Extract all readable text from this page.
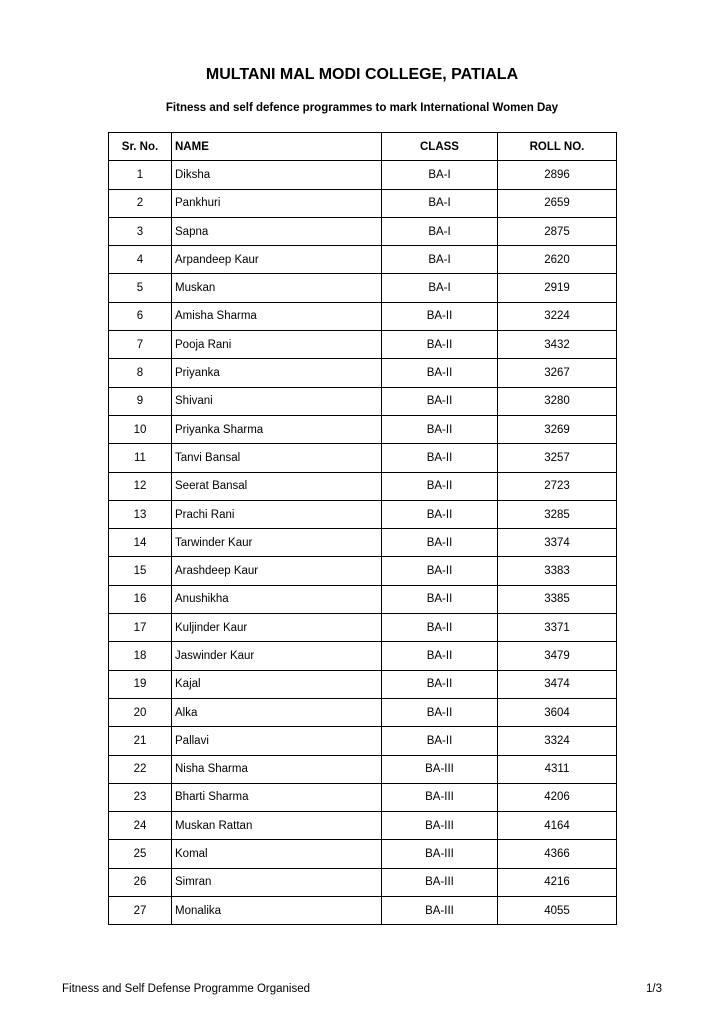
MULTANI MAL MODI COLLEGE, PATIALA
Fitness and self defence programmes to mark International Women Day
Sr. No.	NAME	CLASS	ROLL NO.
1	Diksha	BA-I	2896
2	Pankhuri	BA-I	2659
3	Sapna	BA-I	2875
4	Arpandeep Kaur	BA-I	2620
5	Muskan	BA-I	2919
6	Amisha Sharma	BA-II	3224
7	Pooja Rani	BA-II	3432
8	Priyanka	BA-II	3267
9	Shivani	BA-II	3280
10	Priyanka Sharma	BA-II	3269
11	Tanvi Bansal	BA-II	3257
12	Seerat Bansal	BA-II	2723
13	Prachi Rani	BA-II	3285
14	Tarwinder Kaur	BA-II	3374
15	Arashdeep Kaur	BA-II	3383
16	Anushikha	BA-II	3385
17	Kuljinder Kaur	BA-II	3371
18	Jaswinder Kaur	BA-II	3479
19	Kajal	BA-II	3474
20	Alka	BA-II	3604
21	Pallavi	BA-II	3324
22	Nisha Sharma	BA-III	4311
23	Bharti Sharma	BA-III	4206
24	Muskan Rattan	BA-III	4164
25	Komal	BA-III	4366
26	Simran	BA-III	4216
27	Monalika	BA-III	4055
Fitness and Self Defense Programme Organised	1/3
